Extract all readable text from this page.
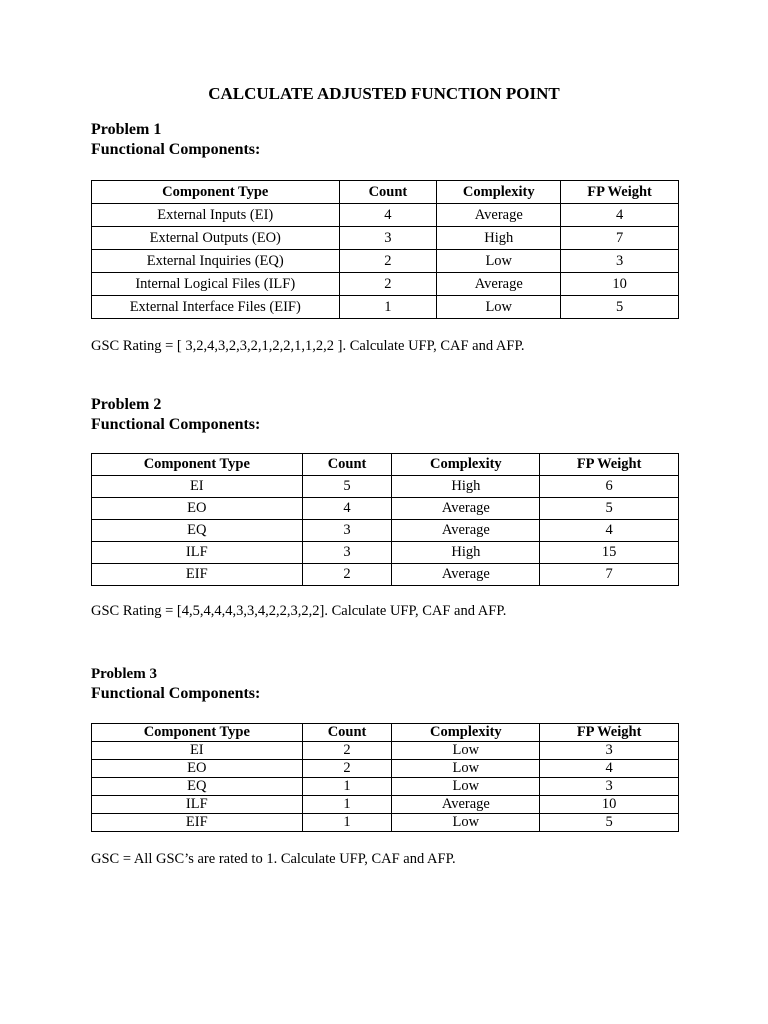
CALCULATE ADJUSTED FUNCTION POINT
Problem 1
Functional Components:
Component Type	Count	Complexity	FP Weight
External Inputs (EI)	4	Average	4
External Outputs (EO)	3	High	7
External Inquiries (EQ)	2	Low	3
Internal Logical Files (ILF)	2	Average	10
External Interface Files (EIF)	1	Low	5
GSC Rating = [ 3,2,4,3,2,3,2,1,2,2,1,1,2,2 ]. Calculate UFP, CAF and AFP.
Problem 2
Functional Components:
Component Type	Count	Complexity	FP Weight
EI	5	High	6
EO	4	Average	5
EQ	3	Average	4
ILF	3	High	15
EIF	2	Average	7
GSC Rating = [4,5,4,4,4,3,3,4,2,2,3,2,2]. Calculate UFP, CAF and AFP.
Problem 3
Functional Components:
Component Type	Count	Complexity	FP Weight
EI	2	Low	3
EO	2	Low	4
EQ	1	Low	3
ILF	1	Average	10
EIF	1	Low	5
GSC = All GSC’s are rated to 1. Calculate UFP, CAF and AFP.
